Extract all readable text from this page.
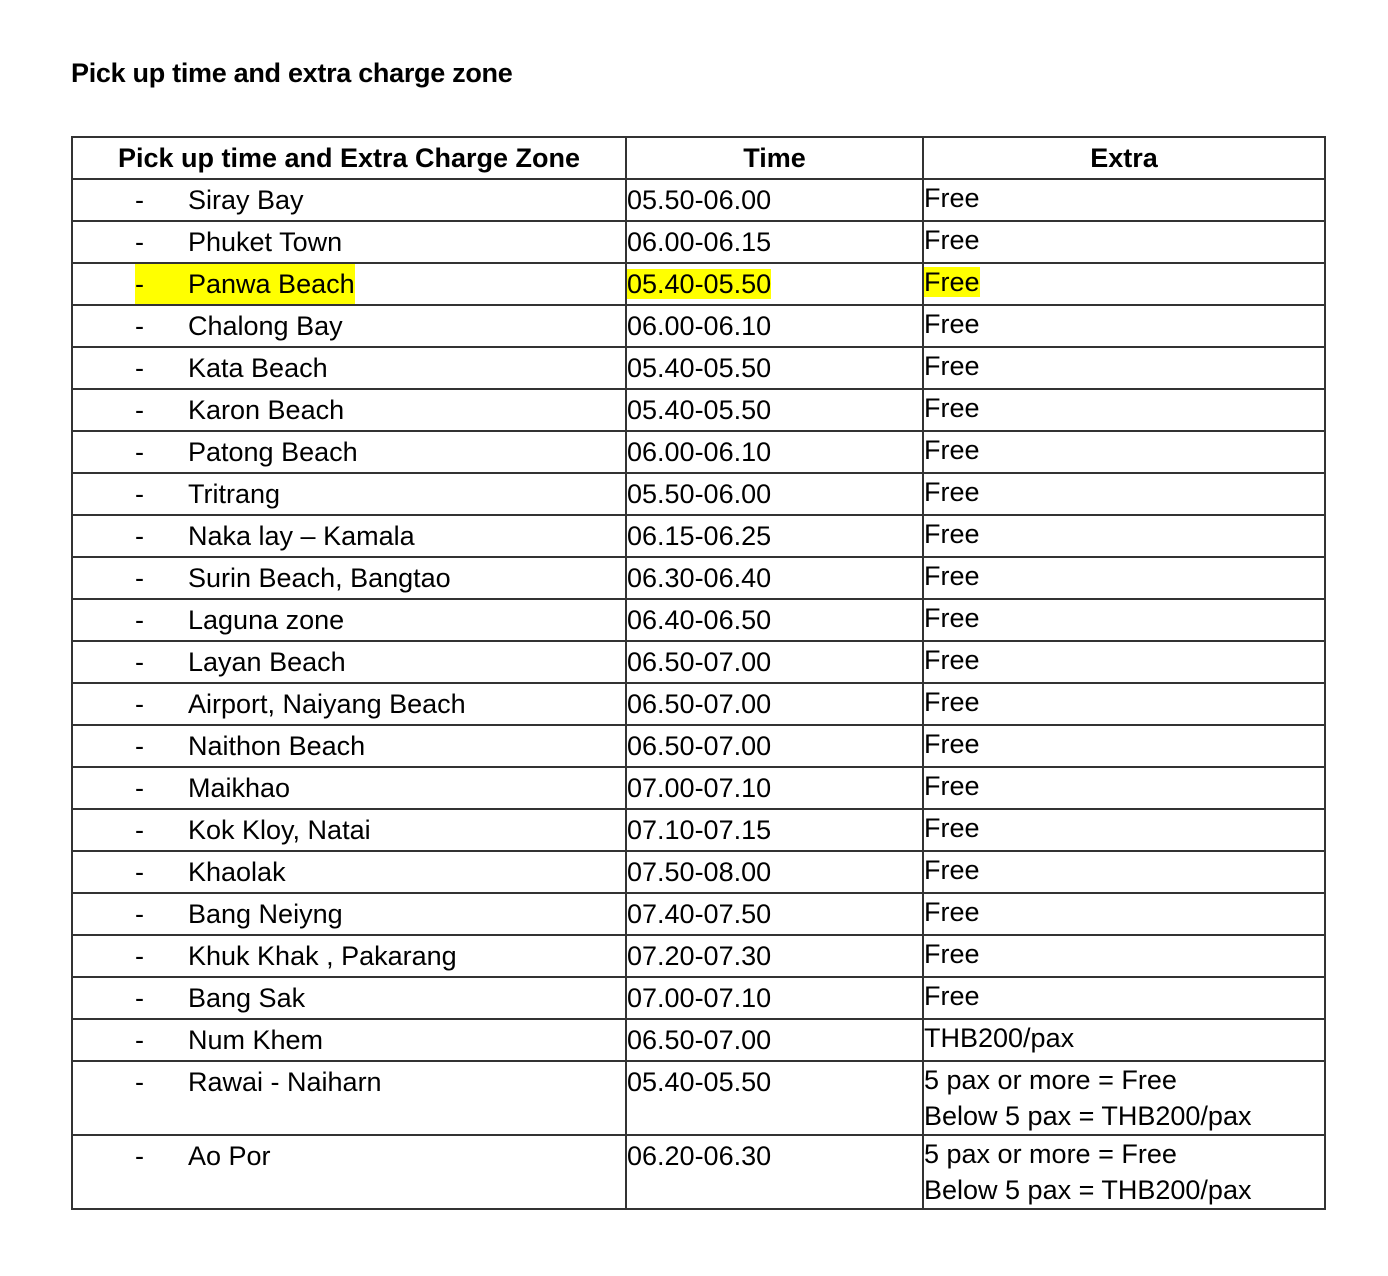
Pick up time and extra charge zone
Pick up time and Extra Charge Zone	Time	Extra

- Siray Bay	05.50-06.00	Free

- Phuket Town	06.00-06.15	Free

- Panwa Beach	05.40-05.50	Free

- Chalong Bay	06.00-06.10	Free

- Kata Beach	05.40-05.50	Free

- Karon Beach	05.40-05.50	Free

- Patong Beach	06.00-06.10	Free

- Tritrang	05.50-06.00	Free

- Naka lay – Kamala	06.15-06.25	Free

- Surin Beach, Bangtao	06.30-06.40	Free

- Laguna zone	06.40-06.50	Free

- Layan Beach	06.50-07.00	Free

- Airport, Naiyang Beach	06.50-07.00	Free

- Naithon Beach	06.50-07.00	Free

- Maikhao	07.00-07.10	Free

- Kok Kloy, Natai	07.10-07.15	Free

- Khaolak	07.50-08.00	Free

- Bang Neiyng	07.40-07.50	Free

- Khuk Khak , Pakarang	07.20-07.30	Free

- Bang Sak	07.00-07.10	Free

- Num Khem	06.50-07.00	THB200/pax

- Rawai - Naiharn	05.40-05.50	5 pax or more = Free
Below 5 pax = THB200/pax

- Ao Por	06.20-06.30	5 pax or more = Free
Below 5 pax = THB200/pax
